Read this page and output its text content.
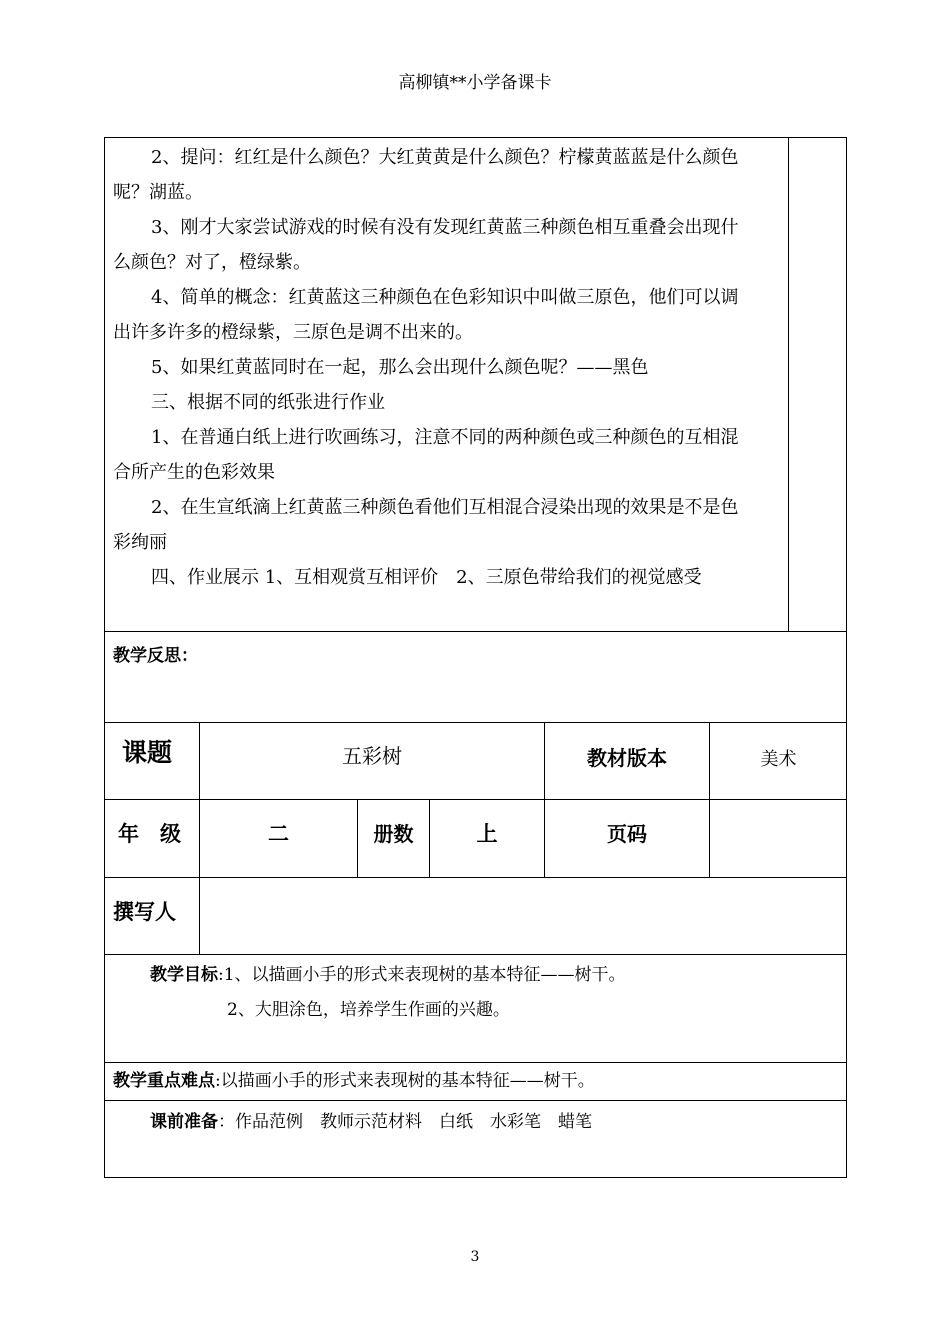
高柳镇**小学备课卡
2、提问：红红是什么颜色？大红黄黄是什么颜色？柠檬黄蓝蓝是什么颜色
呢？湖蓝。
3、刚才大家尝试游戏的时候有没有发现红黄蓝三种颜色相互重叠会出现什
么颜色？对了，橙绿紫。
4、简单的概念：红黄蓝这三种颜色在色彩知识中叫做三原色，他们可以调
出许多许多的橙绿紫，三原色是调不出来的。
5、如果红黄蓝同时在一起，那么会出现什么颜色呢？——黑色
三、根据不同的纸张进行作业
1、在普通白纸上进行吹画练习，注意不同的两种颜色或三种颜色的互相混
合所产生的色彩效果
2、在生宣纸滴上红黄蓝三种颜色看他们互相混合浸染出现的效果是不是色
彩绚丽
四、作业展示 1、互相观赏互相评价　2、三原色带给我们的视觉感受
教学反思：
课题	五彩树	教材版本	美术
年　级	二	册数	上	页码
撰写人
教学目标:1、以描画小手的形式来表现树的基本特征——树干。
2、大胆涂色，培养学生作画的兴趣。
教学重点难点:以描画小手的形式来表现树的基本特征——树干。
课前准备：作品范例　教师示范材料　白纸　水彩笔　蜡笔
3
